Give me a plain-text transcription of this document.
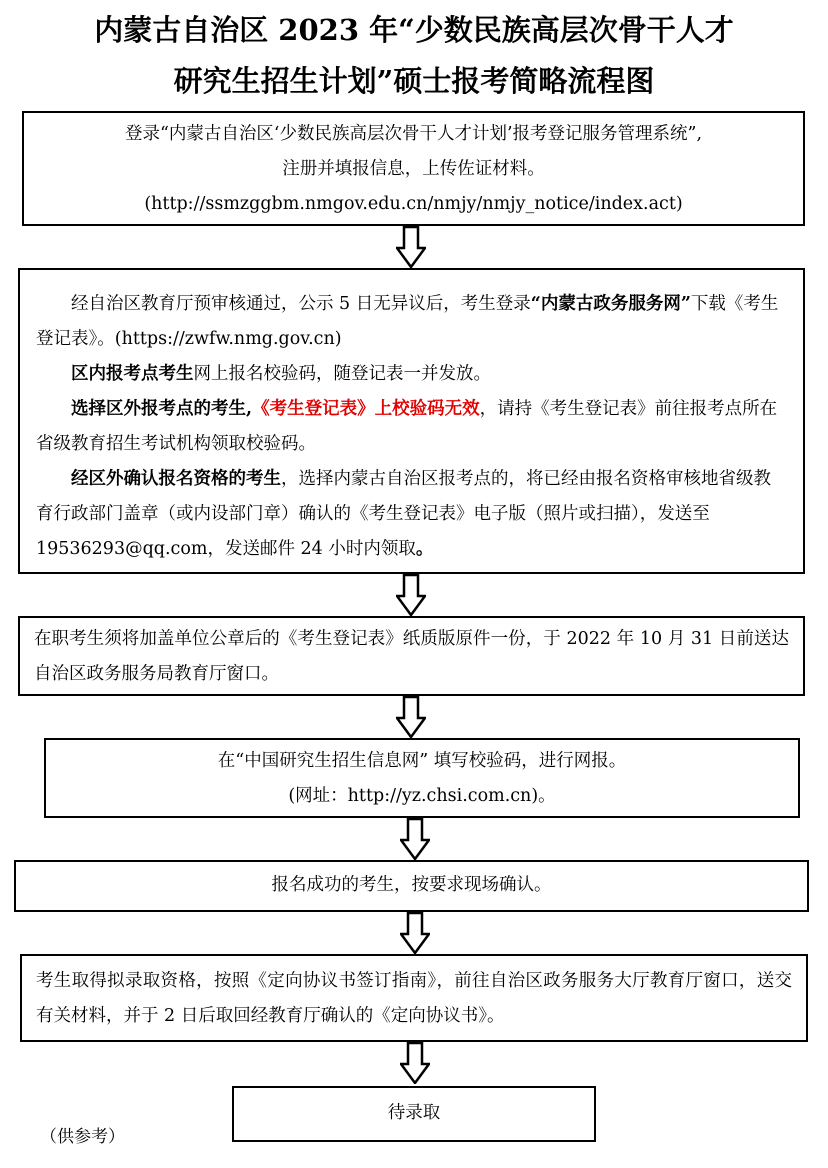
内蒙古自治区 2023 年“少数民族高层次骨干人才
研究生招生计划”硕士报考简略流程图
登录“内蒙古自治区‘少数民族高层次骨干人才计划’报考登记服务管理系统”,
注册并填报信息，上传佐证材料。
(http://ssmzggbm.nmgov.edu.cn/nmjy/nmjy_notice/index.act)
经自治区教育厅预审核通过，公示 5 日无异议后，考生登录“内蒙古政务服务网”下载《考生登记表》。(https://zwfw.nmg.gov.cn)
区内报考点考生网上报名校验码，随登记表一并发放。
选择区外报考点的考生,《考生登记表》上校验码无效，请持《考生登记表》前往报考点所在省级教育招生考试机构领取校验码。
经区外确认报名资格的考生，选择内蒙古自治区报考点的，将已经由报名资格审核地省级教育行政部门盖章（或内设部门章）确认的《考生登记表》电子版（照片或扫描），发送至 19536293@qq.com，发送邮件 24 小时内领取。
在职考生须将加盖单位公章后的《考生登记表》纸质版原件一份，于 2022 年 10 月 31 日前送达自治区政务服务局教育厅窗口。
在“中国研究生招生信息网” 填写校验码，进行网报。
(网址：http://yz.chsi.com.cn)。
报名成功的考生，按要求现场确认。
考生取得拟录取资格，按照《定向协议书签订指南》，前往自治区政务服务大厅教育厅窗口，送交有关材料，并于 2 日后取回经教育厅确认的《定向协议书》。
待录取
（供参考）
